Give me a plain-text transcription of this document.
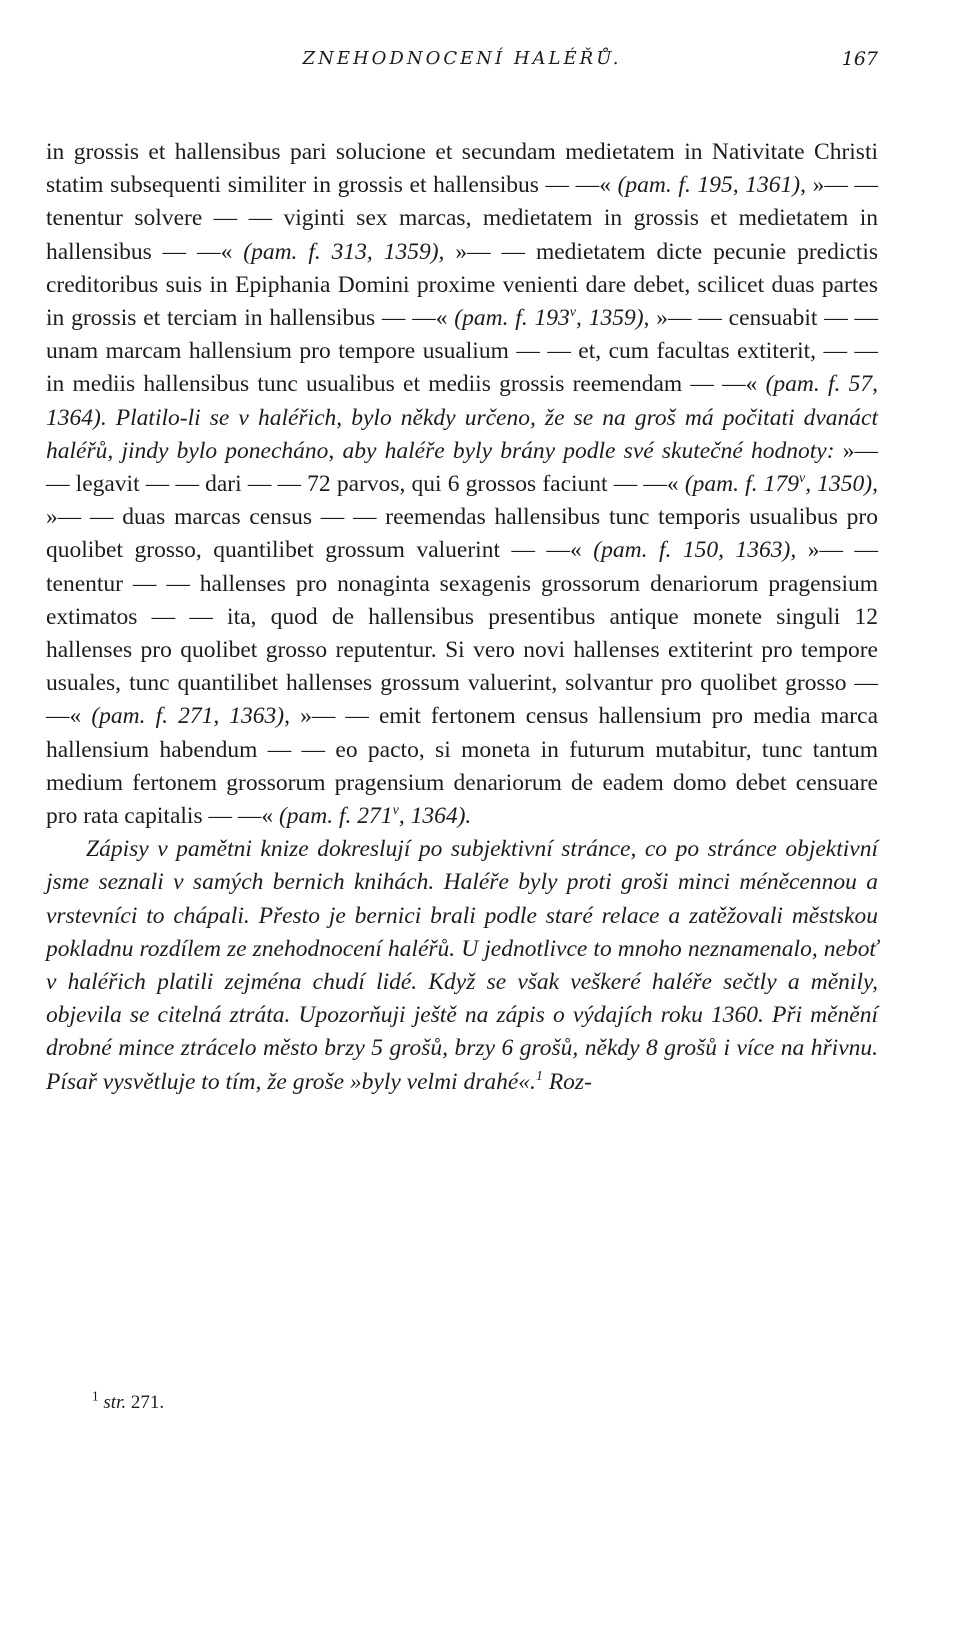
ZNEHODNOCENÍ HALÉŘŮ.	167

in grossis et hallensibus pari solucione et secundam medietatem in Nativitate Christi statim subsequenti similiter in grossis et hallensibus — —« (pam. f. 195, 1361), »— — tenentur solvere — — viginti sex marcas, medietatem in grossis et medietatem in hallensibus — —« (pam. f. 313, 1359), »— — medietatem dicte pecunie predictis creditoribus suis in Epiphania Domini proxime venienti dare debet, scilicet duas partes in grossis et terciam in hallensibus — —« (pam. f. 193$^v$, 1359), »— — censuabit — — unam marcam hallensium pro tempore usualium — — et, cum facultas extiterit, — — in mediis hallensibus tunc usualibus et mediis grossis reemendam — —« (pam. f. 57, 1364). Platilo-li se v haléřich, bylo někdy určeno, že se na groš má počitati dvanáct haléřů, jindy bylo ponecháno, aby haléře byly brány podle své skutečné hodnoty: »— — legavit — — dari — — 72 parvos, qui 6 grossos faciunt — —« (pam. f. 179$^v$, 1350), »— — duas marcas census — — reemendas hallensibus tunc temporis usualibus pro quolibet grosso, quantilibet grossum valuerint — —« (pam. f. 150, 1363), »— — tenentur — — hallenses pro nonaginta sexagenis grossorum denariorum pragensium extimatos — — ita, quod de hallensibus presentibus antique monete singuli 12 hallenses pro quolibet grosso reputentur. Si vero novi hallenses extiterint pro tempore usuales, tunc quantilibet hallenses grossum valuerint, solvantur pro quolibet grosso — —« (pam. f. 271, 1363), »— — emit fertonem census hallensium pro media marca hallensium habendum — — eo pacto, si moneta in futurum mutabitur, tunc tantum medium fertonem grossorum pragensium denariorum de eadem domo debet censuare pro rata capitalis — —« (pam. f. 271$^v$, 1364).

Zápisy v pamětni knize dokreslují po subjektivní stránce, co po stránce objektivní jsme seznali v samých bernich knihách. Haléře byly proti groši minci méněcennou a vrstevníci to chápali. Přesto je bernici brali podle staré relace a zatěžovali městskou pokladnu rozdílem ze znehodnocení haléřů. U jednotlivce to mnoho neznamenalo, neboť v haléřich platili zejména chudí lidé. Když se však veškeré haléře sečtly a měnily, objevila se citelná ztráta. Upozorňuji ještě na zápis o výdajích roku 1360. Při měnění drobné mince ztrácelo město brzy 5 grošů, brzy 6 grošů, někdy 8 grošů i více na hřivnu. Písař vysvětluje to tím, že groše »byly velmi drahé«.$^1$ Roz-

$^1$ str. 271.
